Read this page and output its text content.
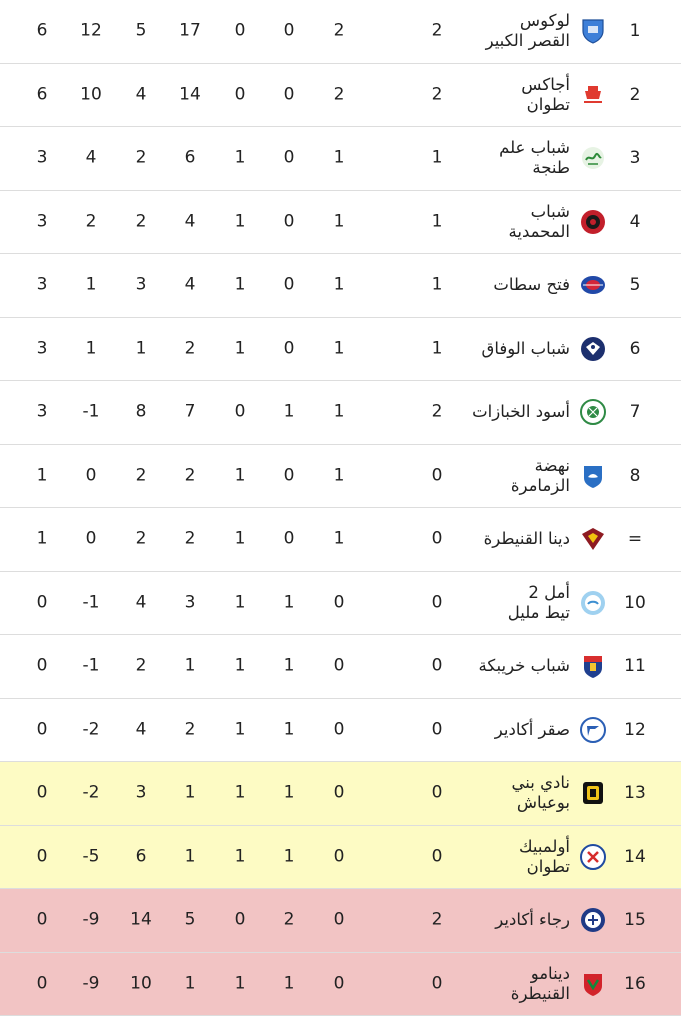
1
لوكوس
القصر الكبير
6 12 5 17 0 0 2	2
2
أجاكس
تطوان
6 10 4 14 0 0 2	2
3
شباب علم
طنجة
3 4 2 6 1 0 1	1
4
شباب
المحمدية
3 2 2 4 1 0 1	1
5
فتح سطات
3 1 3 4 1 0 1	1
6
شباب الوفاق
3 1 1 2 1 0 1	1
7
أسود الخبازات
3 -1 8 7 0 1 1	2
8
نهضة
الزمامرة
1 0 2 2 1 0 1	0
=
دينا القنيطرة
1 0 2 2 1 0 1	0
10
أمل 2
تيط مليل
0 -1 4 3 1 1 0	0
11
شباب خريبكة
0 -1 2 1 1 1 0	0
12
صقر أكادير
0 -2 4 2 1 1 0	0
13
نادي بني
بوعياش
0 -2 3 1 1 1 0	0
14
أولمبيك
تطوان
0 -5 6 1 1 1 0	0
15
رجاء أكادير
0 -9 14 5 0 2 0	2
16
دينامو
القنيطرة
0 -9 10 1 1 1 0	0
